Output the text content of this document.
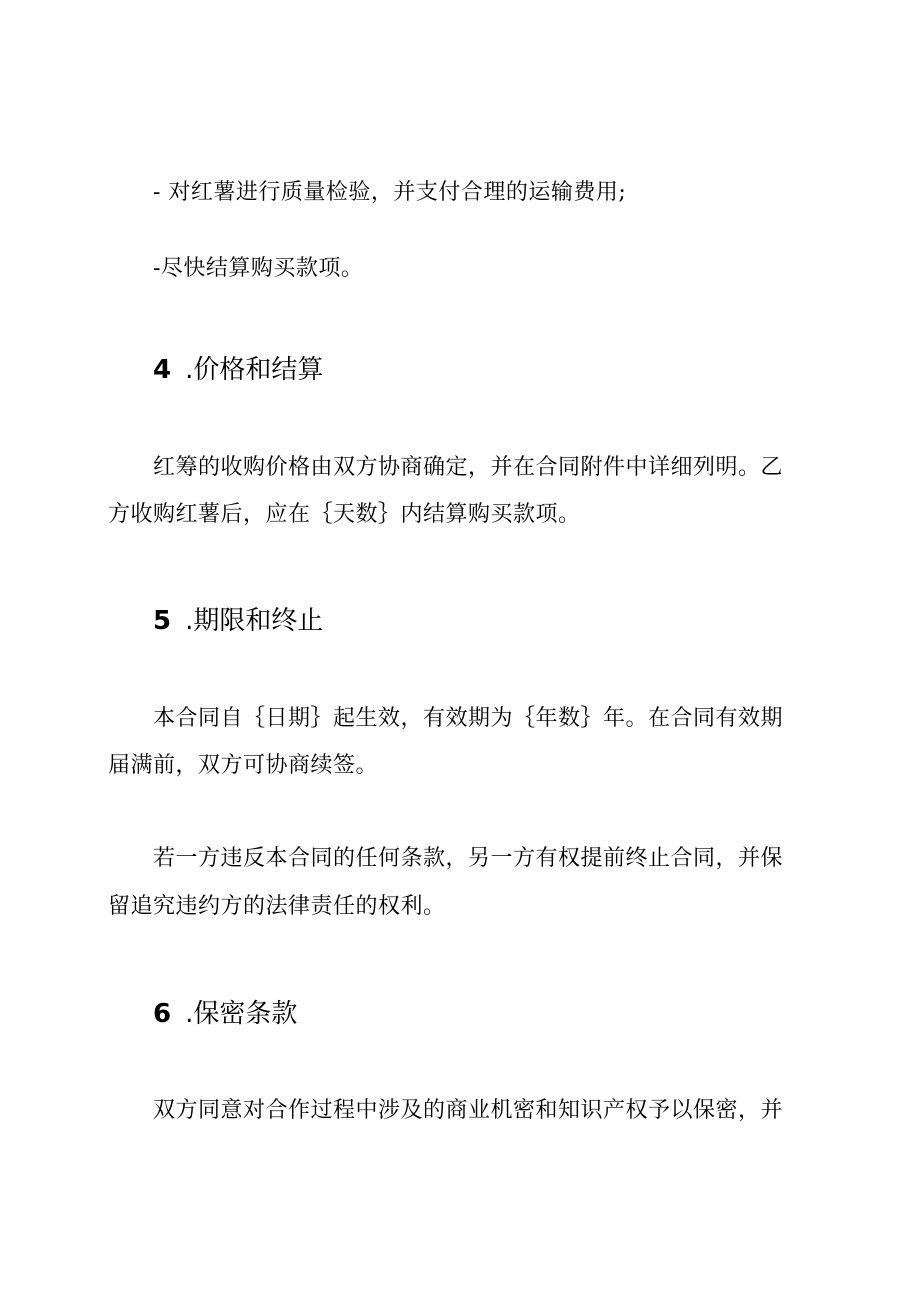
- 对红薯进行质量检验，并支付合理的运输费用;
-尽快结算购买款项。
4 .价格和结算
红筹的收购价格由双方协商确定，并在合同附件中详细列明。乙
方收购红薯后，应在｛天数｝内结算购买款项。
5 .期限和终止
本合同自｛日期｝起生效，有效期为｛年数｝年。在合同有效期
届满前，双方可协商续签。
若一方违反本合同的任何条款，另一方有权提前终止合同，并保
留追究违约方的法律责任的权利。
6 .保密条款
双方同意对合作过程中涉及的商业机密和知识产权予以保密，并
